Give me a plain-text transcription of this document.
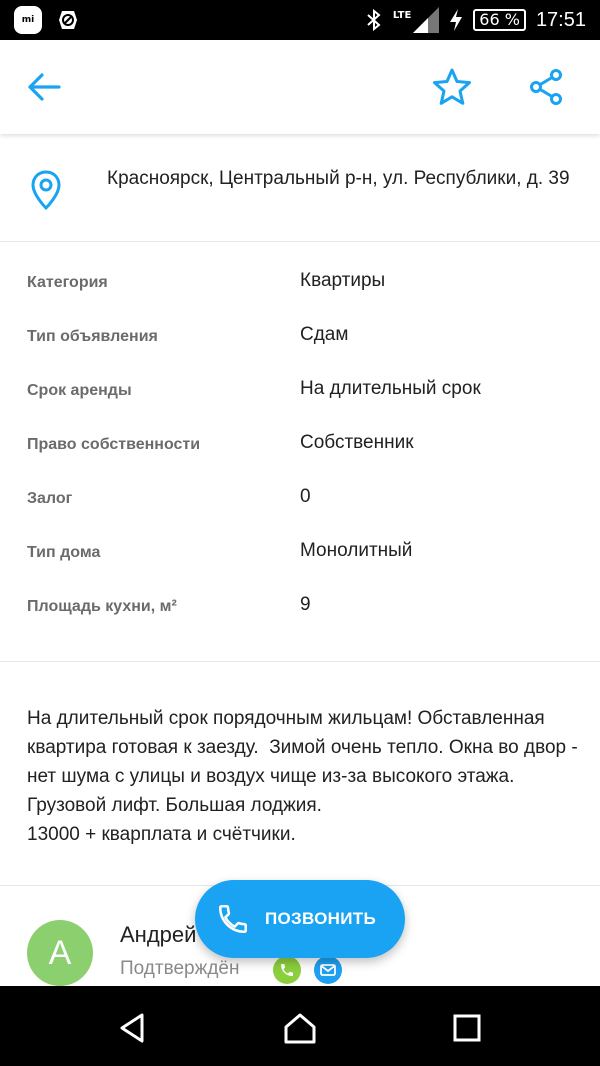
mi	LTE	66 % 17:51
Красноярск, Центральный р-н, ул. Республики, д. 39
Категория	Квартиры
Тип объявления	Сдам
Срок аренды	На длительный срок
Право собственности	Собственник
Залог	0
Тип дома	Монолитный
Площадь кухни, м²	9
На длительный срок порядочным жильцам! Обставленная квартира готовая к заезду.  Зимой очень тепло. Окна во двор - нет шума с улицы и воздух чище из-за высокого этажа. Грузовой лифт. Большая лоджия.
13000 + кварплата и счётчики.
А	Андрей
Подтверждён
ПОЗВОНИТЬ
